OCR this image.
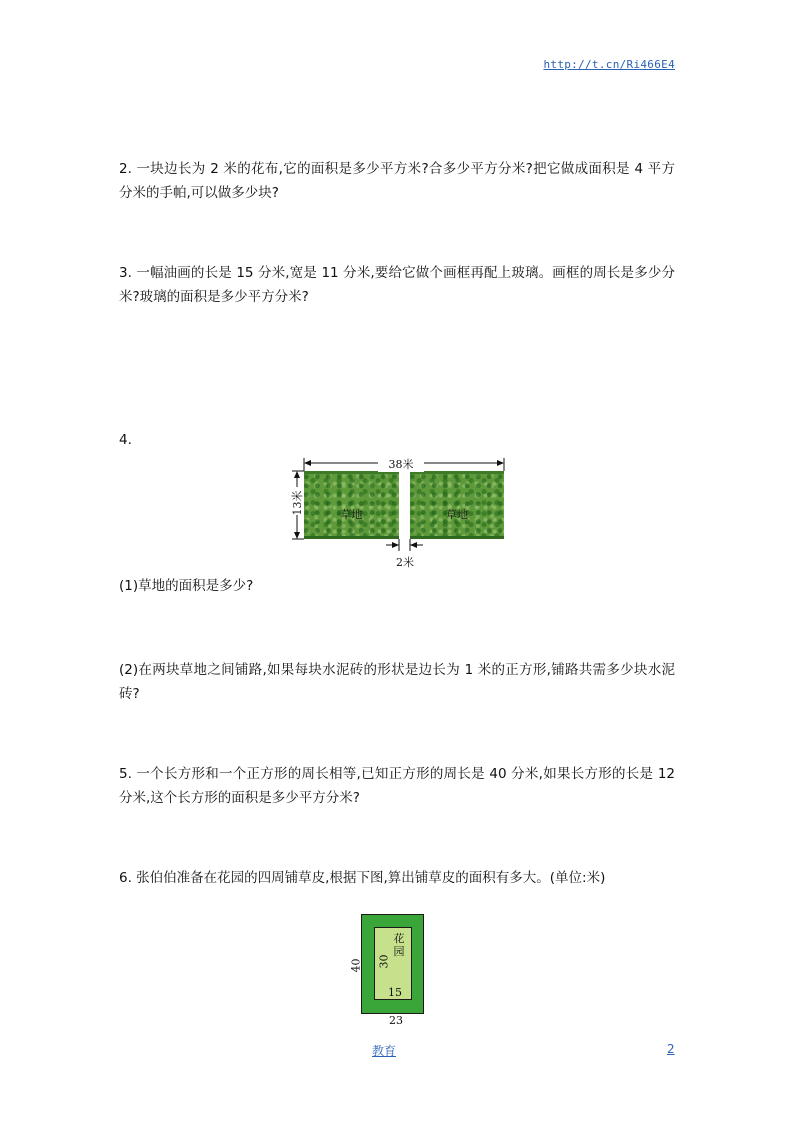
http://t.cn/Ri466E4
2. 一块边长为 2 米的花布,它的面积是多少平方米?合多少平方分米?把它做成面积是 4 平方分米的手帕,可以做多少块?
3. 一幅油画的长是 15 分米,宽是 11 分米,要给它做个画框再配上玻璃。画框的周长是多少分米?玻璃的面积是多少平方分米?
4.
草地	草地
38米
13米
2米
(1)草地的面积是多少?
(2)在两块草地之间铺路,如果每块水泥砖的形状是边长为 1 米的正方形,铺路共需多少块水泥砖?
5. 一个长方形和一个正方形的周长相等,已知正方形的周长是 40 分米,如果长方形的长是 12 分米,这个长方形的面积是多少平方分米?
6. 张伯伯准备在花园的四周铺草皮,根据下图,算出铺草皮的面积有多大。(单位:米)
花园
30
15
40
23
教育	2
